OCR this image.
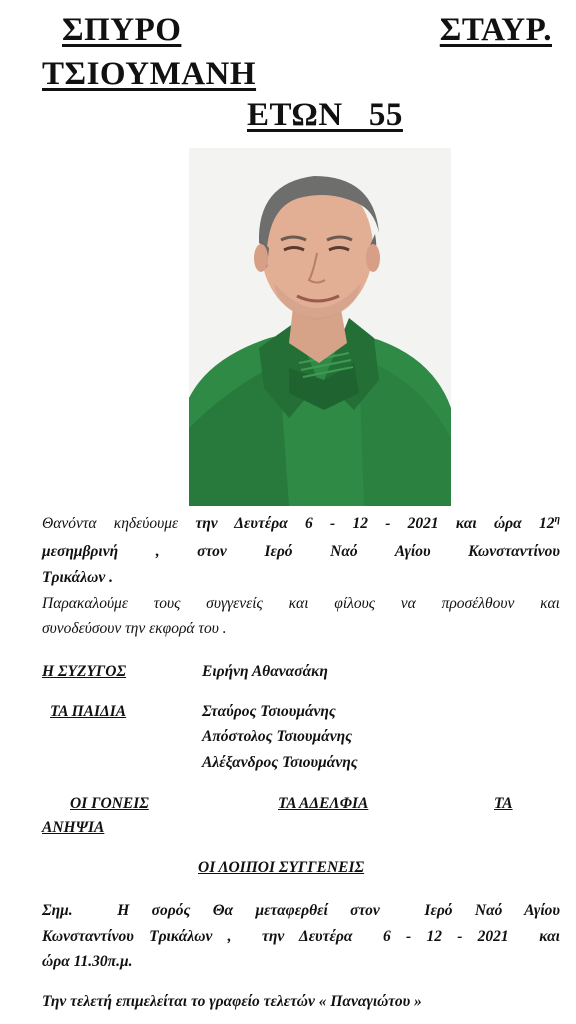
ΣΠΥΡΟ	ΣΤΑΥΡ.
ΤΣΙΟΥΜΑΝΗ
ΕΤΩΝ   55

Θανόντα κηδεύουμε την Δευτέρα 6 - 12 - 2021 και ώρα $12^\eta$

μεσημβρινή , στον Ιερό Ναό Αγίου Κωνσταντίνου

Τρικάλων .

Παρακαλούμε τους συγγενείς και φίλους να προσέλθουν και

συνοδεύσουν την εκφορά του .

Η ΣΥΖΥΓΟΣ	Ειρήνη Αθανασάκη

ΤΑ ΠΑΙΔΙΑ	Σταύρος Τσιουμάνης

Απόστολος Τσιουμάνης

Αλέξανδρος Τσιουμάνης

ΟΙ ΓΟΝΕΙΣ	ΤΑ ΑΔΕΛΦΙΑ	ΤΑ

ΑΝΗΨΙΑ

ΟΙ ΛΟΙΠΟΙ ΣΥΓΓΕΝΕΙΣ

Σημ.  Η σορός Θα μεταφερθεί στον  Ιερό Ναό Αγίου

Κωνσταντίνου Τρικάλων ,  την Δευτέρα  6 - 12 - 2021  και

ώρα 11.30π.μ.

Την τελετή επιμελείται το γραφείο τελετών « Παναγιώτου »
